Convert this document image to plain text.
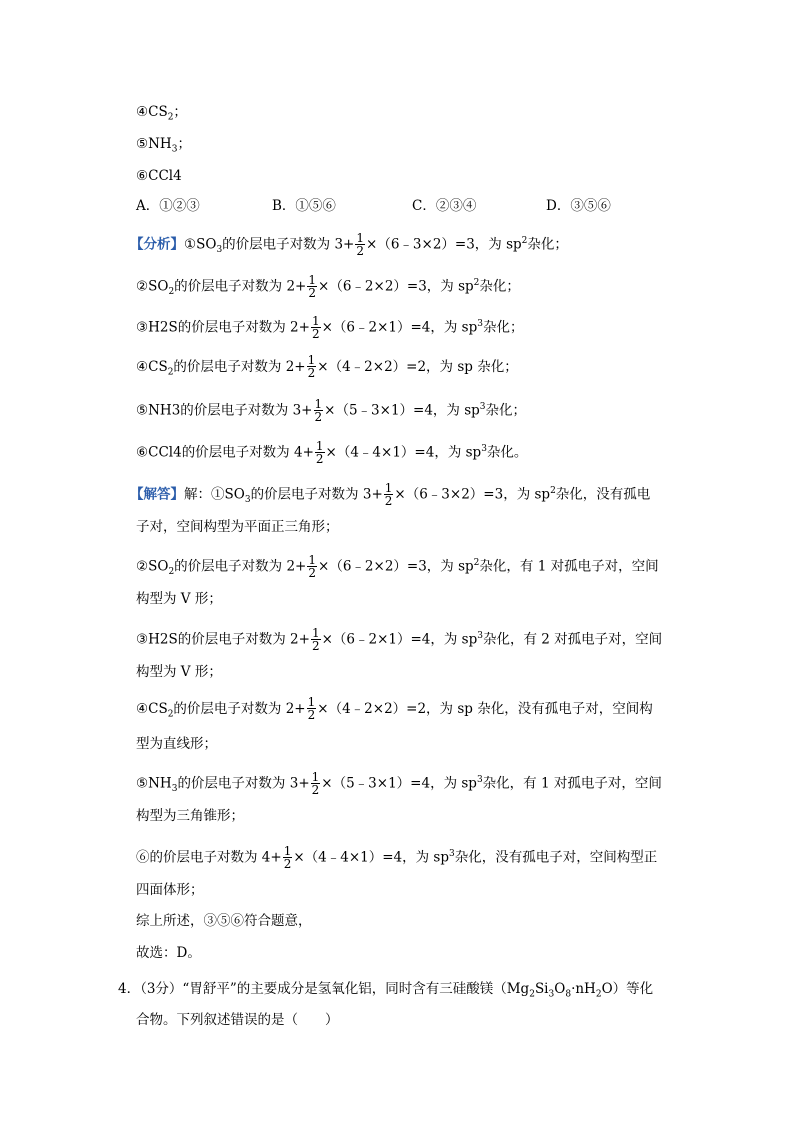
$④CS_2$；
$⑤NH_3$；
⑥CCl4
A．①②③	B．①⑤⑥	C．②③④	D．③⑤⑥
【分析】$①SO_3$的价层电子对数为 $3+ \frac{1}{2}$ ×（6﹣3×2）=3，为 $sp^2$杂化；
$②SO_2$的价层电子对数为 $2+ \frac{1}{2}$ ×（6﹣2×2）=3，为 $sp^2$杂化；
③H2S的价层电子对数为 $2+ \frac{1}{2}$ ×（6﹣2×1）=4，为 $sp^3$杂化；
$④CS_2$的价层电子对数为 $2+ \frac{1}{2}$ ×（4﹣2×2）=2，为 sp 杂化；
⑤NH3的价层电子对数为 $3+ \frac{1}{2}$ ×（5﹣3×1）=4，为 $sp^3$杂化；
⑥CCl4的价层电子对数为 $4+ \frac{1}{2}$ ×（4﹣4×1）=4，为 $sp^3$杂化。
【解答】解：$①SO_3$的价层电子对数为 $3+ \frac{1}{2}$ ×（6﹣3×2）=3，为 $sp^2$杂化，没有孤电
子对，空间构型为平面正三角形；
$②SO_2$的价层电子对数为 $2+ \frac{1}{2}$ ×（6﹣2×2）=3，为 $sp^2$杂化，有 1 对孤电子对，空间
构型为 V 形；
③H2S的价层电子对数为 $2+ \frac{1}{2}$ ×（6﹣2×1）=4，为 $sp^3$杂化，有 2 对孤电子对，空间
构型为 V 形；
$④CS_2$的价层电子对数为 $2+ \frac{1}{2}$ ×（4﹣2×2）=2，为 sp 杂化，没有孤电子对，空间构
型为直线形；
$⑤NH_3$的价层电子对数为 $3+ \frac{1}{2}$ ×（5﹣3×1）=4，为 $sp^3$杂化，有 1 对孤电子对，空间
构型为三角锥形；
⑥的价层电子对数为 $4+ \frac{1}{2}$ ×（4﹣4×1）=4，为 $sp^3$杂化，没有孤电子对，空间构型正
四面体形；
综上所述，③⑤⑥符合题意，
故选：D。
4．（3分）“胃舒平”的主要成分是氢氧化铝，同时含有三硅酸镁$(Mg_2Si_3O_8\cdot nH_2O)$等化
合物。下列叙述错误的是（　　）
